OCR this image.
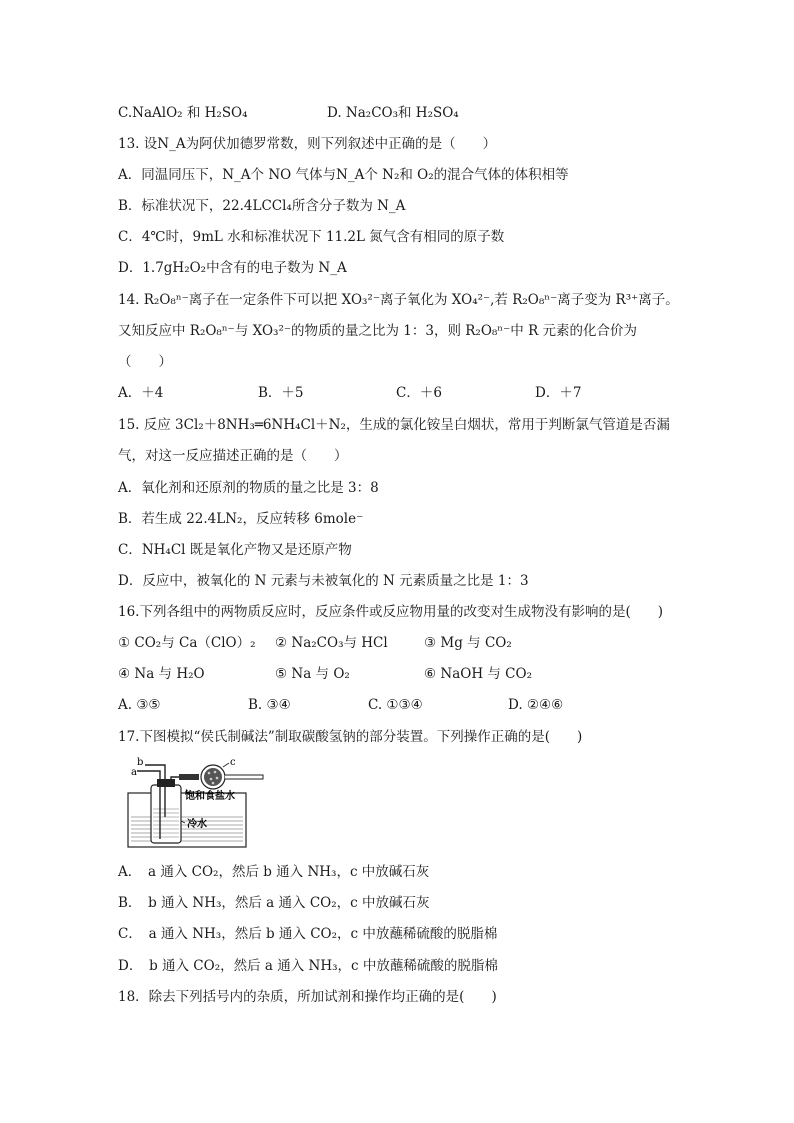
C.NaAlO₂ 和 H₂SO₄	D. Na₂CO₃和 H₂SO₄
13. 设N_A为阿伏加德罗常数，则下列叙述中正确的是（　　）
A．同温同压下，N_A个 NO 气体与N_A个 N₂和 O₂的混合气体的体积相等
B．标准状况下，22.4LCCl₄所含分子数为 N_A
C．4℃时，9mL 水和标准状况下 11.2L 氮气含有相同的原子数
D．1.7gH₂O₂中含有的电子数为 N_A
14. R₂O₈ⁿ⁻离子在一定条件下可以把 XO₃²⁻离子氧化为 XO₄²⁻,若 R₂O₈ⁿ⁻离子变为 R³⁺离子。
又知反应中 R₂O₈ⁿ⁻与 XO₃²⁻的物质的量之比为 1：3，则 R₂O₈ⁿ⁻中 R 元素的化合价为
（　　）
A．＋4	B．＋5	C．＋6	D．＋7
15. 反应 3Cl₂＋8NH₃═6NH₄Cl＋N₂，生成的氯化铵呈白烟状，常用于判断氯气管道是否漏
气，对这一反应描述正确的是（　　）
A．氧化剂和还原剂的物质的量之比是 3：8
B．若生成 22.4LN₂，反应转移 6mole⁻
C．NH₄Cl 既是氧化产物又是还原产物
D．反应中，被氧化的 N 元素与未被氧化的 N 元素质量之比是 1：3
16.下列各组中的两物质反应时，反应条件或反应物用量的改变对生成物没有影响的是(　　)
① CO₂与 Ca（ClO）₂ ② Na₂CO₃与 HCl	③ Mg 与 CO₂
④ Na 与 H₂O	⑤ Na 与 O₂	⑥ NaOH 与 CO₂
A. ③⑤	B. ③④	C. ①③④	D. ②④⑥
17.下图模拟“侯氏制碱法”制取碳酸氢钠的部分装置。下列操作正确的是(　　)
a
b	c
饱和食盐水
冷水
A．　a 通入 CO₂，然后 b 通入 NH₃，c 中放碱石灰
B．　b 通入 NH₃，然后 a 通入 CO₂，c 中放碱石灰
C．　a 通入 NH₃，然后 b 通入 CO₂，c 中放蘸稀硫酸的脱脂棉
D．　b 通入 CO₂，然后 a 通入 NH₃，c 中放蘸稀硫酸的脱脂棉
18．除去下列括号内的杂质，所加试剂和操作均正确的是(　　)
